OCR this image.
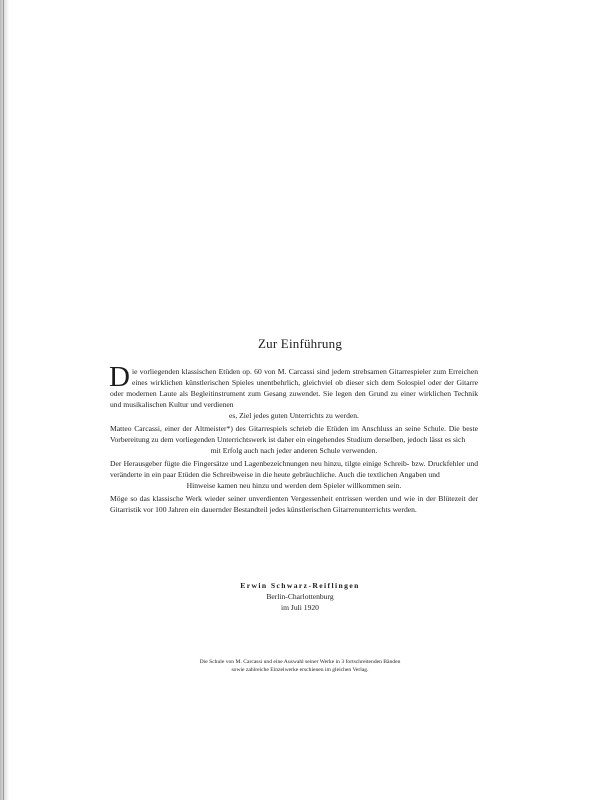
Zur Einführung

Die vorliegenden klassischen Etüden op. 60 von M. Carcassi sind jedem strebsamen Gitarrespieler zum Erreichen eines wirklichen künstlerischen Spieles unentbehrlich, gleichviel ob dieser sich dem Solospiel oder der Gitarre oder modernen Laute als Begleitinstrument zum Gesang zuwendet. Sie legen den Grund zu einer wirklichen Technik und musikalischen Kultur und verdienen
es, Ziel jedes guten Unterrichts zu werden.

Matteo Carcassi, einer der Altmeister*) des Gitarrespiels schrieb die Etüden im Anschluss an seine Schule. Die beste Vorbereitung zu dem vorliegenden Unterrichtswerk ist daher ein eingehendes Studium derselben, jedoch lässt es sich
mit Erfolg auch nach jeder anderen Schule verwenden.

Der Herausgeber fügte die Fingersätze und Lagenbezeichnungen neu hinzu, tilgte einige Schreib- bzw. Druckfehler und veränderte in ein paar Etüden die Schreibweise in die heute gebräuchliche. Auch die textlichen Angaben und
Hinweise kamen neu hinzu und werden dem Spieler willkommen sein.

Möge so das klassische Werk wieder seiner unverdienten Vergessenheit entrissen werden und wie in der Blütezeit der Gitarristik vor 100 Jahren ein dauernder Bestandteil jedes künstlerischen Gitarrenunterrichts werden.

Erwin Schwarz-Reiflingen
Berlin-Charlottenburg
im Juli 1920
Die Schule von M. Carcassi und eine Auswahl seiner Werke in 3 fortschreitenden Bänden
sowie zahlreiche Einzelwerke erschienen im gleichen Verlag.
